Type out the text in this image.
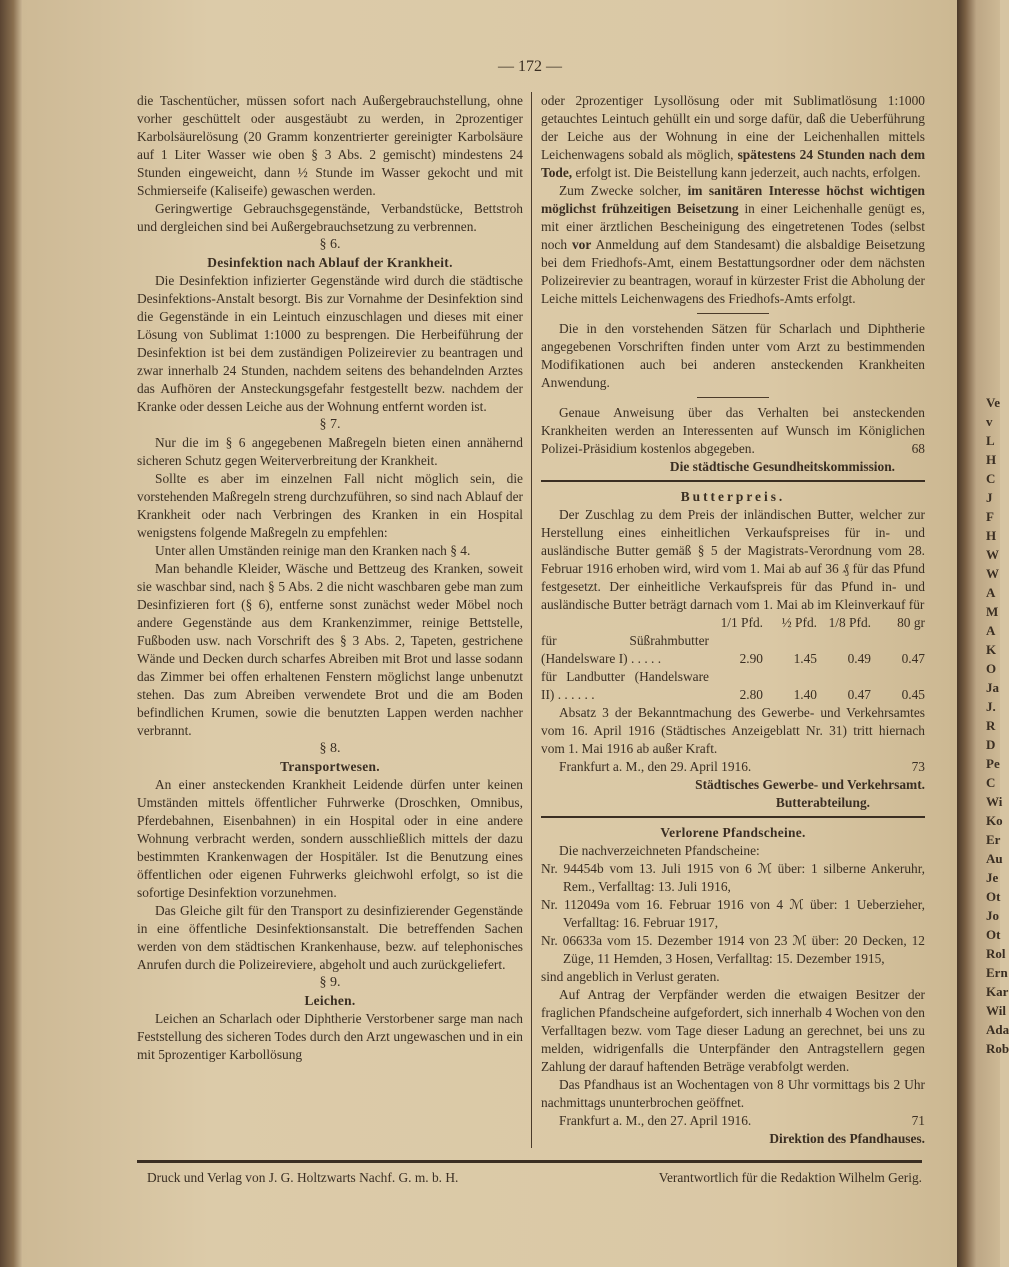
Ve
v
L
H
C
J
F
H
W
W
A
M
A
K
O
Ja
J.
R
D
Pe
C
Wi
Ko
Er
Au
Je
Ot
Jo
Ot
Rol
Ern
Kar
Wil
Ada
Rob
— 172 —

die Taschentücher, müssen sofort nach Außergebrauchstellung, ohne vorher geschüttelt oder ausgestäubt zu werden, in 2prozentiger Karbolsäurelösung (20 Gramm konzentrierter gereinigter Karbolsäure auf 1 Liter Wasser wie oben § 3 Abs. 2 gemischt) mindestens 24 Stunden eingeweicht, dann ½ Stunde im Wasser gekocht und mit Schmierseife (Kaliseife) gewaschen werden.

Geringwertige Gebrauchsgegenstände, Verbandstücke, Bettstroh und dergleichen sind bei Außergebrauchsetzung zu verbrennen.

§ 6.
Desinfektion nach Ablauf der Krankheit.

Die Desinfektion infizierter Gegenstände wird durch die städtische Desinfektions-Anstalt besorgt. Bis zur Vornahme der Desinfektion sind die Gegenstände in ein Leintuch einzuschlagen und dieses mit einer Lösung von Sublimat 1:1000 zu besprengen. Die Herbeiführung der Desinfektion ist bei dem zuständigen Polizeirevier zu beantragen und zwar innerhalb 24 Stunden, nachdem seitens des behandelnden Arztes das Aufhören der Ansteckungsgefahr festgestellt bezw. nachdem der Kranke oder dessen Leiche aus der Wohnung entfernt worden ist.

§ 7.

Nur die im § 6 angegebenen Maßregeln bieten einen annähernd sicheren Schutz gegen Weiterverbreitung der Krankheit.

Sollte es aber im einzelnen Fall nicht möglich sein, die vorstehenden Maßregeln streng durchzuführen, so sind nach Ablauf der Krankheit oder nach Verbringen des Kranken in ein Hospital wenigstens folgende Maßregeln zu empfehlen:

Unter allen Umständen reinige man den Kranken nach § 4.

Man behandle Kleider, Wäsche und Bettzeug des Kranken, soweit sie waschbar sind, nach § 5 Abs. 2 die nicht waschbaren gebe man zum Desinfizieren fort (§ 6), entferne sonst zunächst weder Möbel noch andere Gegenstände aus dem Krankenzimmer, reinige Bettstelle, Fußboden usw. nach Vorschrift des § 3 Abs. 2, Tapeten, gestrichene Wände und Decken durch scharfes Abreiben mit Brot und lasse sodann das Zimmer bei offen erhaltenen Fenstern möglichst lange unbenutzt stehen. Das zum Abreiben verwendete Brot und die am Boden befindlichen Krumen, sowie die benutzten Lappen werden nachher verbrannt.

§ 8.
Transportwesen.

An einer ansteckenden Krankheit Leidende dürfen unter keinen Umständen mittels öffentlicher Fuhrwerke (Droschken, Omnibus, Pferdebahnen, Eisenbahnen) in ein Hospital oder in eine andere Wohnung verbracht werden, sondern ausschließlich mittels der dazu bestimmten Krankenwagen der Hospitäler. Ist die Benutzung eines öffentlichen oder eigenen Fuhrwerks gleichwohl erfolgt, so ist die sofortige Desinfektion vorzunehmen.

Das Gleiche gilt für den Transport zu desinfizierender Gegenstände in eine öffentliche Desinfektionsanstalt. Die betreffenden Sachen werden von dem städtischen Krankenhause, bezw. auf telephonisches Anrufen durch die Polizeireviere, abgeholt und auch zurückgeliefert.

§ 9.
Leichen.

Leichen an Scharlach oder Diphtherie Verstorbener sarge man nach Feststellung des sicheren Todes durch den Arzt ungewaschen und in ein mit 5prozentiger Karbollösung

oder 2prozentiger Lysollösung oder mit Sublimatlösung 1:1000 getauchtes Leintuch gehüllt ein und sorge dafür, daß die Ueberführung der Leiche aus der Wohnung in eine der Leichenhallen mittels Leichenwagens sobald als möglich, spätestens 24 Stunden nach dem Tode, erfolgt ist. Die Beistellung kann jederzeit, auch nachts, erfolgen.

Zum Zwecke solcher, im sanitären Interesse höchst wichtigen möglichst frühzeitigen Beisetzung in einer Leichenhalle genügt es, mit einer ärztlichen Bescheinigung des eingetretenen Todes (selbst noch vor Anmeldung auf dem Standesamt) die alsbaldige Beisetzung bei dem Friedhofs-Amt, einem Bestattungsordner oder dem nächsten Polizeirevier zu beantragen, worauf in kürzester Frist die Abholung der Leiche mittels Leichenwagens des Friedhofs-Amts erfolgt.

Die in den vorstehenden Sätzen für Scharlach und Diphtherie angegebenen Vorschriften finden unter vom Arzt zu bestimmenden Modifikationen auch bei anderen ansteckenden Krankheiten Anwendung.

Genaue Anweisung über das Verhalten bei ansteckenden Krankheiten werden an Interessenten auf Wunsch im Königlichen Polizei-Präsidium kostenlos abgegeben.	68

Die städtische Gesundheitskommission.
Butterpreis.

Der Zuschlag zu dem Preis der inländischen Butter, welcher zur Herstellung eines einheitlichen Verkaufspreises für in- und ausländische Butter gemäß § 5 der Magistrats-Verordnung vom 28. Februar 1916 erhoben wird, wird vom 1. Mai ab auf 36 ₰ für das Pfund festgesetzt. Der einheitliche Verkaufspreis für das Pfund in- und ausländische Butter beträgt darnach vom 1. Mai ab im Kleinverkauf für

	1/1 Pfd.	½ Pfd.	1/8 Pfd.	80 gr
für Süßrahmbutter (Handelsware I) . . . . .	2.90	1.45	0.49	0.47
für Landbutter (Handelsware II) . . . . . .	2.80	1.40	0.47	0.45

Absatz 3 der Bekanntmachung des Gewerbe- und Verkehrsamtes vom 16. April 1916 (Städtisches Anzeigeblatt Nr. 31) tritt hiernach vom 1. Mai 1916 ab außer Kraft.

Frankfurt a. M., den 29. April 1916.	73
Städtisches Gewerbe- und Verkehrsamt.
Butterabteilung.
Verlorene Pfandscheine.

Die nachverzeichneten Pfandscheine:

Nr. 94454b vom 13. Juli 1915 von 6 ℳ über: 1 silberne Ankeruhr, Rem., Verfalltag: 13. Juli 1916,
Nr. 112049a vom 16. Februar 1916 von 4 ℳ über: 1 Ueberzieher, Verfalltag: 16. Februar 1917,
Nr. 06633a vom 15. Dezember 1914 von 23 ℳ über: 20 Decken, 12 Züge, 11 Hemden, 3 Hosen, Verfalltag: 15. Dezember 1915,

sind angeblich in Verlust geraten.

Auf Antrag der Verpfänder werden die etwaigen Besitzer der fraglichen Pfandscheine aufgefordert, sich innerhalb 4 Wochen von den Verfalltagen bezw. vom Tage dieser Ladung an gerechnet, bei uns zu melden, widrigenfalls die Unterpfänder den Antragstellern gegen Zahlung der darauf haftenden Beträge verabfolgt werden.

Das Pfandhaus ist an Wochentagen von 8 Uhr vormittags bis 2 Uhr nachmittags ununterbrochen geöffnet.

Frankfurt a. M., den 27. April 1916.	71
Direktion des Pfandhauses.
Druck und Verlag von J. G. Holtzwarts Nachf. G. m. b. H.	Verantwortlich für die Redaktion Wilhelm Gerig.
